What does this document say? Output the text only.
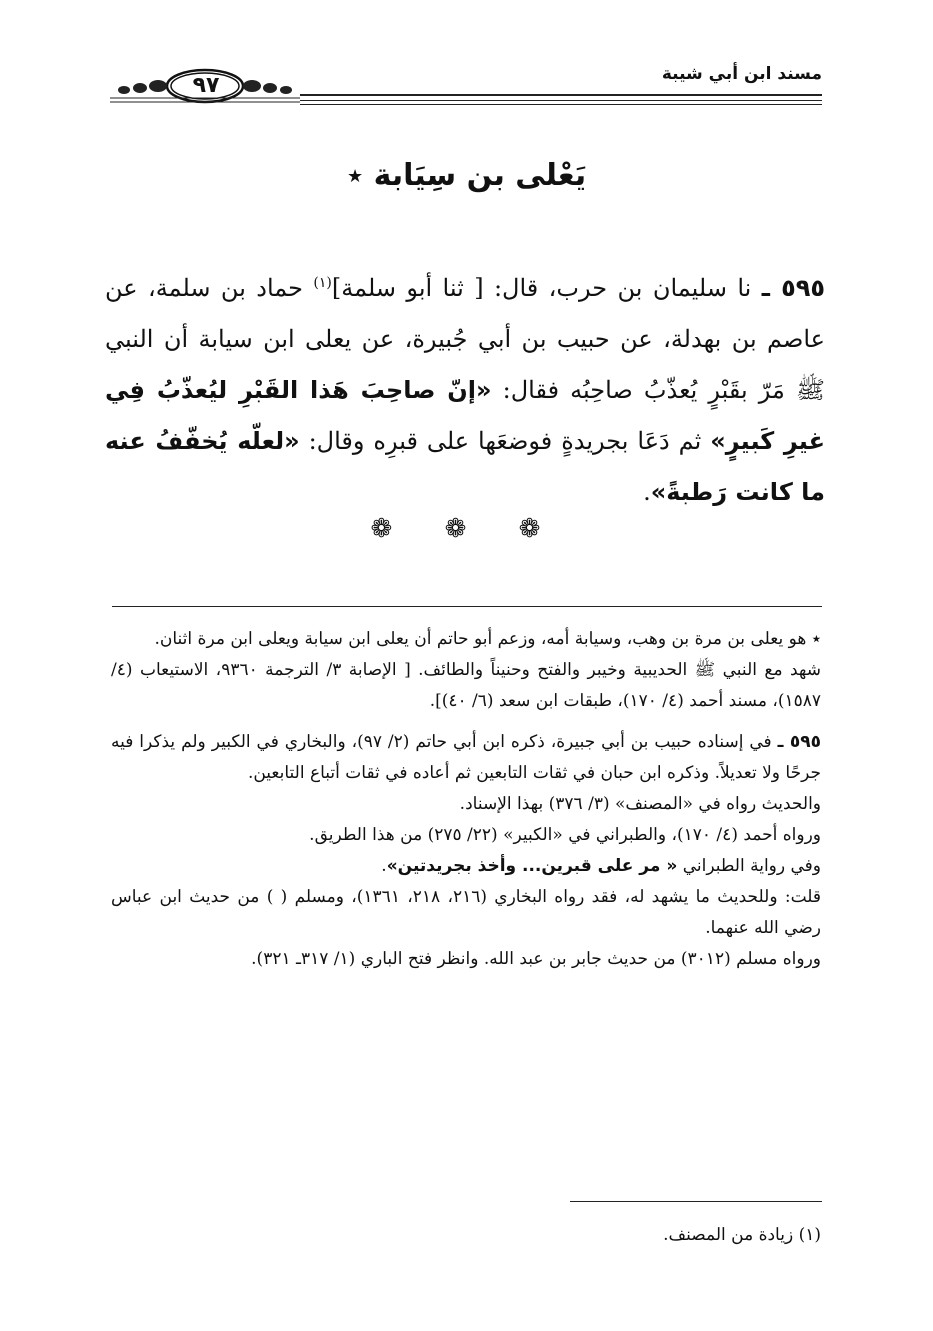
مسند ابن أبي شيبة
٩٧
يَعْلى بن سِيَابة ٭

٥٩٥ ـ نا سليمان بن حرب، قال: [ ثنا أبو سلمة]$^{(١)}$ حماد بن سلمة، عن عاصم بن بهدلة، عن حبيب بن أبي جُبيرة، عن يعلى ابن سيابة أن النبي ﷺ مَرّ بقَبْرٍ يُعذّبُ صاحِبُه فقال: «إنّ صاحِبَ هَذا القَبْرِ ليُعذّبُ فِي غيرِ كَبيرٍ» ثم دَعَا بجريدةٍ فوضعَها على قبرِه وقال: «لعلّه يُخفّفُ عنه ما كانت رَطبةً».

❁ ❁ ❁

٭ هو يعلى بن مرة بن وهب، وسيابة أمه، وزعم أبو حاتم أن يعلى ابن سيابة ويعلى ابن مرة اثنان.

شهد مع النبي ﷺ الحديبية وخيبر والفتح وحنيناً والطائف. [ الإصابة ٣/ الترجمة ٩٣٦٠، الاستيعاب (٤/ ١٥٨٧)، مسند أحمد (٤/ ١٧٠)، طبقات ابن سعد (٦/ ٤٠)].

٥٩٥ ـ في إسناده حبيب بن أبي جبيرة، ذكره ابن أبي حاتم (٢/ ٩٧)، والبخاري في الكبير ولم يذكرا فيه جرحًا ولا تعديلاً. وذكره ابن حبان في ثقات التابعين ثم أعاده في ثقات أتباع التابعين.

والحديث رواه في «المصنف» (٣/ ٣٧٦) بهذا الإسناد.

ورواه أحمد (٤/ ١٧٠)، والطبراني في «الكبير» (٢٢/ ٢٧٥) من هذا الطريق.

وفي رواية الطبراني « مر على قبرين... وأخذ بجريدتين».

قلت: وللحديث ما يشهد له، فقد رواه البخاري (٢١٦، ٢١٨، ١٣٦١)، ومسلم ( ) من حديث ابن عباس رضي الله عنهما.

ورواه مسلم (٣٠١٢) من حديث جابر بن عبد الله. وانظر فتح الباري (١/ ٣١٧ـ ٣٢١).

(١) زيادة من المصنف.
